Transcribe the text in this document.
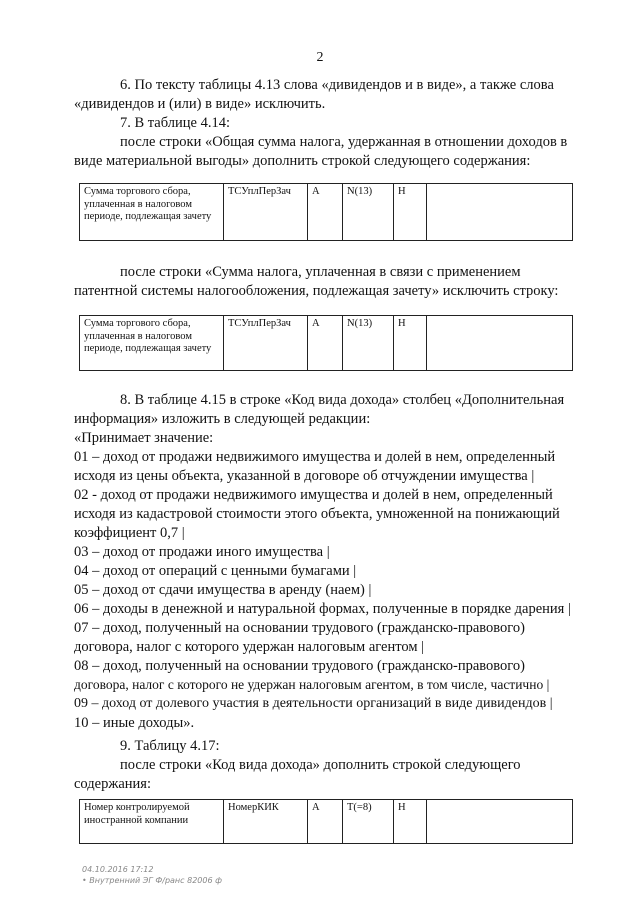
2
6. По тексту таблицы 4.13 слова «дивидендов и в виде», а также слова
«дивидендов и (или) в виде» исключить.
7. В таблице 4.14:
после строки «Общая сумма налога, удержанная в отношении доходов в
виде материальной выгоды» дополнить строкой следующего содержания:
Сумма торгового сбора, уплаченная в налоговом периоде, подлежащая зачету	ТСУплПерЗач	А	N(13)	Н	
после строки «Сумма налога, уплаченная в связи с применением
патентной системы налогообложения, подлежащая зачету» исключить строку:
Сумма торгового сбора, уплаченная в налоговом периоде, подлежащая зачету	ТСУплПерЗач	А	N(13)	Н	
8. В таблице 4.15 в строке «Код вида дохода» столбец «Дополнительная
информация» изложить в следующей редакции:
«Принимает значение:
01 – доход от продажи недвижимого имущества и долей в нем, определенный
исходя из цены объекта, указанной в договоре об отчуждении имущества |
02 - доход от продажи недвижимого имущества и долей в нем, определенный
исходя из кадастровой стоимости этого объекта, умноженной на понижающий
коэффициент 0,7 |
03 – доход от продажи иного имущества |
04 – доход от операций с ценными бумагами |
05 – доход от сдачи имущества в аренду (наем) |
06 – доходы в денежной и натуральной формах, полученные в порядке дарения |
07 – доход, полученный на основании трудового (гражданско-правового)
договора, налог с которого удержан налоговым агентом |
08 – доход, полученный на основании трудового (гражданско-правового)
договора, налог с которого не удержан налоговым агентом, в том числе, частично |
09 – доход от долевого участия в деятельности организаций в виде дивидендов |
10 – иные доходы».
9. Таблицу 4.17:
после строки «Код вида дохода» дополнить строкой следующего
содержания:
Номер контролируемой иностранной компании	НомерКИК	А	T(=8)	Н	
04.10.2016 17:12
• Внутренний ЭГ Ф/ранс 82006 ф
